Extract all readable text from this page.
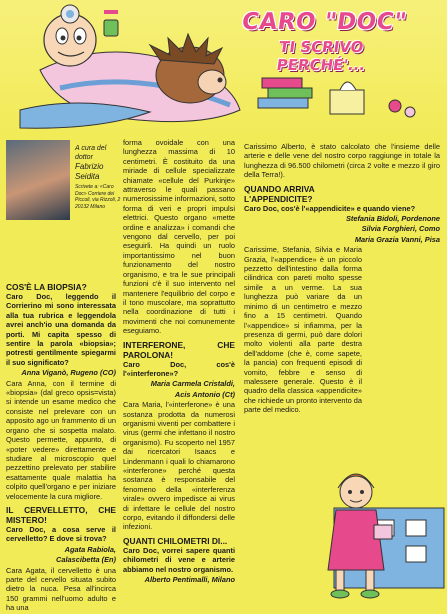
CARO "DOC"
TI SCRIVO PERCHÉ'...
A cura del dottor
Fabrizio Seidita
Scrivete a: «Caro Doc» Corriere dei Piccoli, via Rizzoli, 2 20132 Milano
COS'È LA BIOPSIA?

Caro Doc, leggendo il Corrierino mi sono interessata alla tua rubrica e leggendola avrei anch'io una domanda da porti. Mi capita spesso di sentire la parola «biopsia»; potresti gentilmente spiegarmi il suo significato?

Anna Viganò, Rugeno (CO)

Cara Anna, con il termine di «biopsia» (dal greco opsis=vista) si intende un esame medico che consiste nel prelevare con un apposito ago un frammento di un organo che si sospetta malato. Questo permette, appunto, di «poter vedere» direttamente e studiare al microscopio quel pezzettino prelevato per stabilire esattamente quale malattia ha colpito quell'organo e per iniziare velocemente la cura migliore.

IL CERVELLETTO, CHE MISTERO!

Caro Doc, a cosa serve il cervelletto? E dove si trova?

Agata Rabiola,

Calascibetta (En)

Cara Agata, il cervelletto è una parte del cervello situata subito dietro la nuca. Pesa all'incirca 150 grammi nell'uomo adulto e ha una

forma ovoidale con una lunghezza massima di 10 centimetri. È costituito da una miriade di cellule specializzate chiamate «cellule del Purkinje» attraverso le quali passano numerosissime informazioni, sotto forma di veri e propri impulsi elettrici. Questo organo «mette ordine e analizza» i comandi che vengono dal cervello, per poi eseguirli. Ha quindi un ruolo importantissimo nel buon funzionamento del nostro organismo, e tra le sue principali funzioni c'è il suo intervento nel mantenere l'equilibrio del corpo e il tono muscolare, ma soprattutto nella coordinazione di tutti i movimenti che noi comunemente eseguiamo.

INTERFERONE, CHE PAROLONA!

Caro Doc, cos'è l'«interferone»?

Maria Carmela Cristaldi,

Acis Antonio (Ct)

Cara Maria, l'«interferone» è una sostanza prodotta da numerosi organismi viventi per combattere i virus (germi che infettano il nostro organismo). Fu scoperto nel 1957 dai ricercatori Isaacs e Lindenmann i quali lo chiamarono «interferone» perché questa sostanza è responsabile del fenomeno della «interferenza virale» ovvero impedisce ai virus di infettare le cellule del nostro corpo, evitando il diffondersi delle infezioni.

QUANTI CHILOMETRI DI...

Caro Doc, vorrei sapere quanti chilometri di vene e arterie abbiamo nel nostro organismo.

Alberto Pentimalli, Milano

Carissimo Alberto, è stato calcolato che l'insieme delle arterie e delle vene del nostro corpo raggiunge in totale la lunghezza di 96.500 chilometri (circa 2 volte e mezzo il giro della Terra!).

QUANDO ARRIVA
L'APPENDICITE?

Caro Doc, cos'è l'«appendicite» e quando viene?

Stefania Bidoli, Pordenone

Silvia Forghieri, Como

Maria Grazia Vanni, Pisa

Carissime, Stefania, Silvia e Maria Grazia, l'«appendice» è un piccolo pezzetto dell'intestino dalla forma cilindrica con pareti molto spesse simile a un verme. La sua lunghezza può variare da un minimo di un centimetro e mezzo fino a 15 centimetri. Quando l'«appendice» si infiamma, per la presenza di germi, può dare dolori molto violenti alla parte destra dell'addome (che è, come sapete, la pancia) con frequenti episodi di vomito, febbre e senso di malessere generale. Questo è il quadro della classica «appendicite» che richiede un pronto intervento da parte del medico.
